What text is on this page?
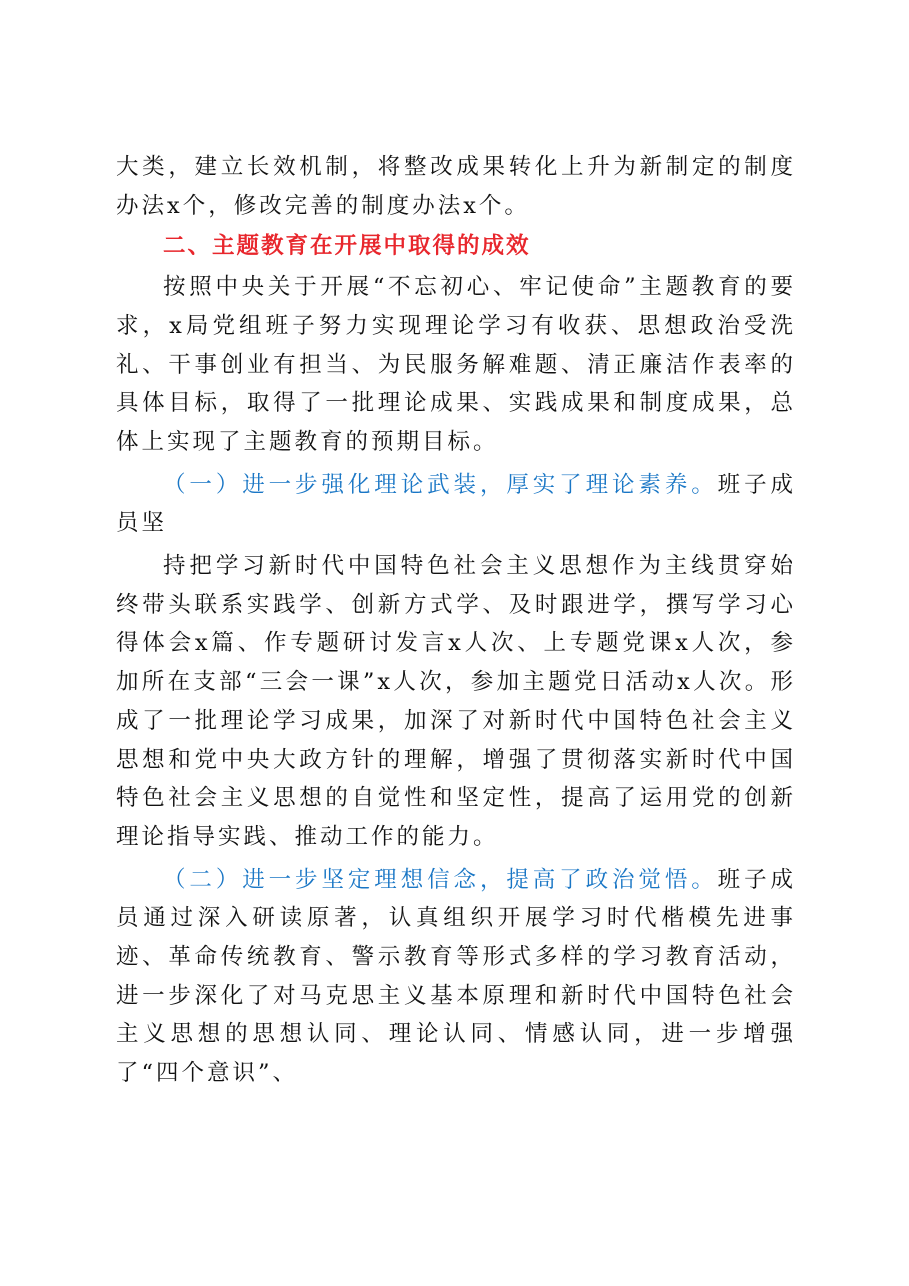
大类，建立长效机制，将整改成果转化上升为新制定的制度办法x个，修改完善的制度办法x个。

二、主题教育在开展中取得的成效

按照中央关于开展“不忘初心、牢记使命”主题教育的要求，x局党组班子努力实现理论学习有收获、思想政治受洗礼、干事创业有担当、为民服务解难题、清正廉洁作表率的具体目标，取得了一批理论成果、实践成果和制度成果，总体上实现了主题教育的预期目标。

（一）进一步强化理论武装，厚实了理论素养。班子成员坚

持把学习新时代中国特色社会主义思想作为主线贯穿始终带头联系实践学、创新方式学、及时跟进学，撰写学习心得体会x篇、作专题研讨发言x人次、上专题党课x人次，参加所在支部“三会一课”x人次，参加主题党日活动x人次。形成了一批理论学习成果，加深了对新时代中国特色社会主义思想和党中央大政方针的理解，增强了贯彻落实新时代中国特色社会主义思想的自觉性和坚定性，提高了运用党的创新理论指导实践、推动工作的能力。

（二）进一步坚定理想信念，提高了政治觉悟。班子成员通过深入研读原著，认真组织开展学习时代楷模先进事迹、革命传统教育、警示教育等形式多样的学习教育活动，进一步深化了对马克思主义基本原理和新时代中国特色社会主义思想的思想认同、理论认同、情感认同，进一步增强了“四个意识”、
